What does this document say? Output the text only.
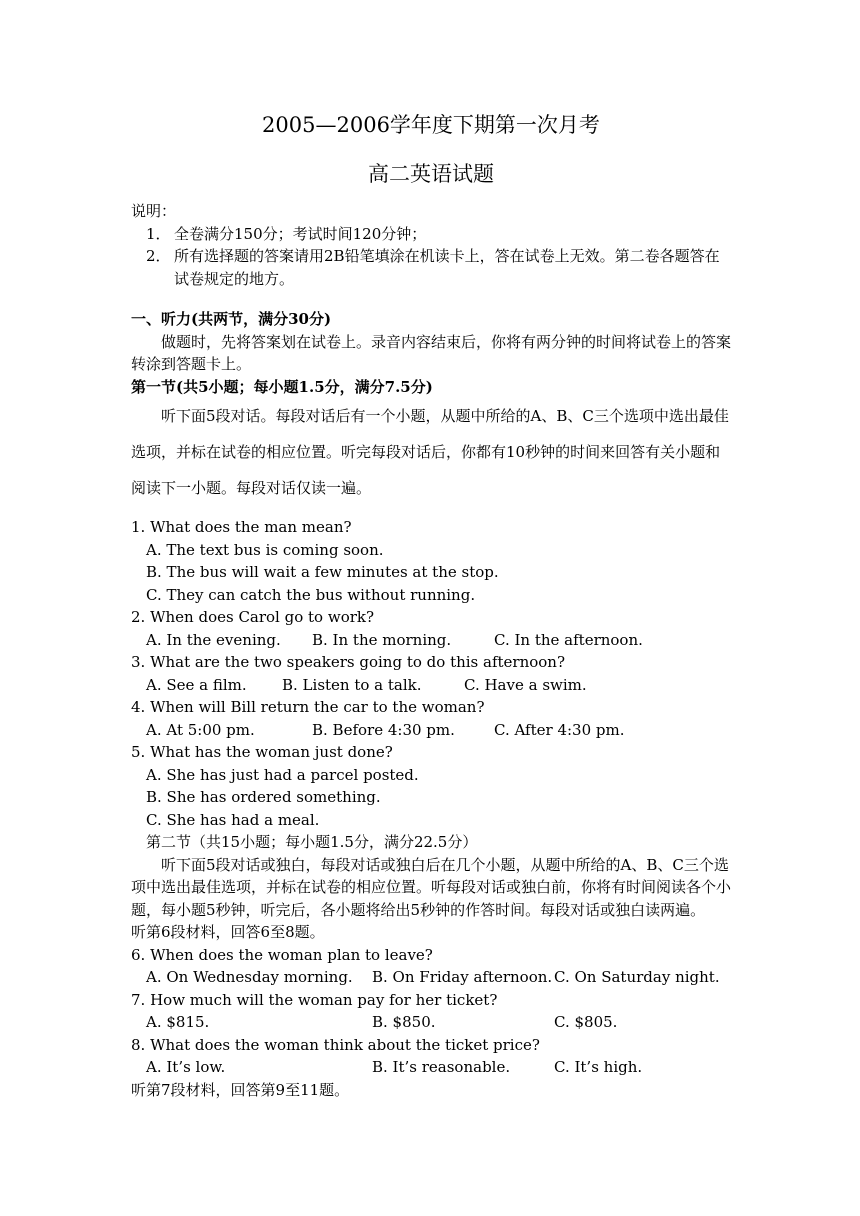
2005—2006学年度下期第一次月考
高二英语试题
说明：
1． 全卷满分150分；考试时间120分钟；
2． 所有选择题的答案请用2B铅笔填涂在机读卡上，答在试卷上无效。第二卷各题答在试卷规定的地方。
一、听力(共两节，满分30分)
做题时，先将答案划在试卷上。录音内容结束后，你将有两分钟的时间将试卷上的答案转涂到答题卡上。
第一节(共5小题；每小题1.5分，满分7.5分)
听下面5段对话。每段对话后有一个小题，从题中所给的A、B、C三个选项中选出最佳选项，并标在试卷的相应位置。听完每段对话后，你都有10秒钟的时间来回答有关小题和阅读下一小题。每段对话仅读一遍。
1. What does the man mean?
A. The text bus is coming soon.
B. The bus will wait a few minutes at the stop.
C. They can catch the bus without running.
2. When does Carol go to work?
A. In the evening.	B. In the morning.	C. In the afternoon.
3. What are the two speakers going to do this afternoon?
A. See a film.	B. Listen to a talk.	C. Have a swim.
4. When will Bill return the car to the woman?
A. At 5:00 pm.	B. Before 4:30 pm.	C. After 4:30 pm.
5. What has the woman just done?
A. She has just had a parcel posted.
B. She has ordered something.
C. She has had a meal.
第二节（共15小题；每小题1.5分，满分22.5分）
听下面5段对话或独白，每段对话或独白后在几个小题，从题中所给的A、B、C三个选项中选出最佳选项，并标在试卷的相应位置。听每段对话或独白前，你将有时间阅读各个小题，每小题5秒钟，听完后，各小题将给出5秒钟的作答时间。每段对话或独白读两遍。
听第6段材料，回答6至8题。
6. When does the woman plan to leave?
A. On Wednesday morning.	B. On Friday afternoon. C. On Saturday night.
7. How much will the woman pay for her ticket?
A. $815.	B. $850.	C. $805.
8. What does the woman think about the ticket price?
A. It’s low.	B. It’s reasonable.	C. It’s high.
听第7段材料，回答第9至11题。
